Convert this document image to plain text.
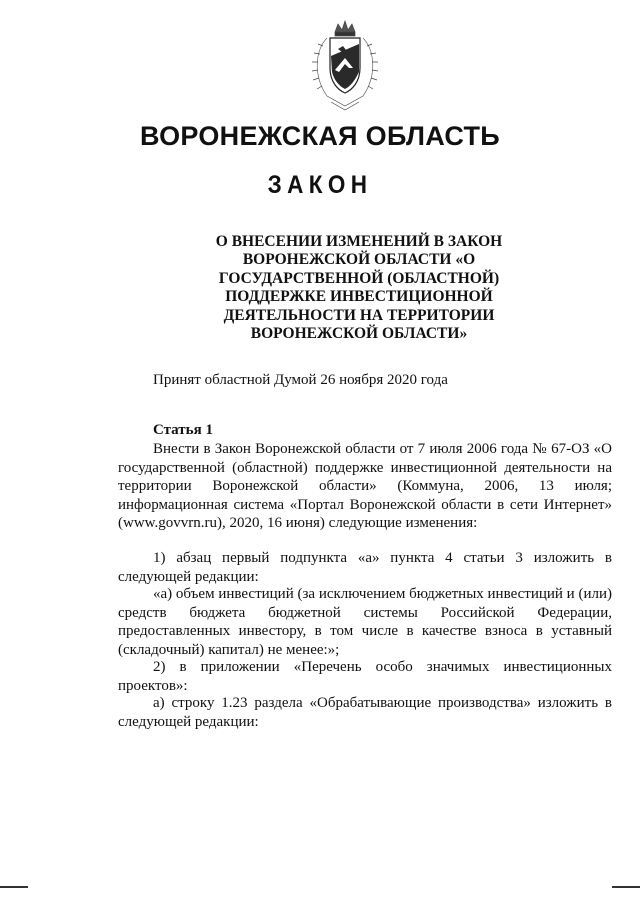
ВОРОНЕЖСКАЯ ОБЛАСТЬ
ЗАКОН
О ВНЕСЕНИИ ИЗМЕНЕНИЙ В ЗАКОН ВОРОНЕЖСКОЙ ОБЛАСТИ «О ГОСУДАРСТВЕННОЙ (ОБЛАСТНОЙ) ПОДДЕРЖКЕ ИНВЕСТИЦИОННОЙ ДЕЯТЕЛЬНОСТИ НА ТЕРРИТОРИИ ВОРОНЕЖСКОЙ ОБЛАСТИ»
Принят областной Думой 26 ноября 2020 года
Статья 1

Внести в Закон Воронежской области от 7 июля 2006 года № 67-ОЗ «О государственной (областной) поддержке инвестиционной деятельности на территории Воронежской области» (Коммуна, 2006, 13 июля; информационная система «Портал Воронежской области в сети Интернет» (www.govvrn.ru), 2020, 16 июня) следующие изменения:

1) абзац первый подпункта «а» пункта 4 статьи 3 изложить в следующей редакции:

«а) объем инвестиций (за исключением бюджетных инвестиций и (или) средств бюджета бюджетной системы Российской Федерации, предоставленных инвестору, в том числе в качестве взноса в уставный (складочный) капитал) не менее:»;

2) в приложении «Перечень особо значимых инвестиционных проектов»:

а) строку 1.23 раздела «Обрабатывающие производства» изложить в следующей редакции:
